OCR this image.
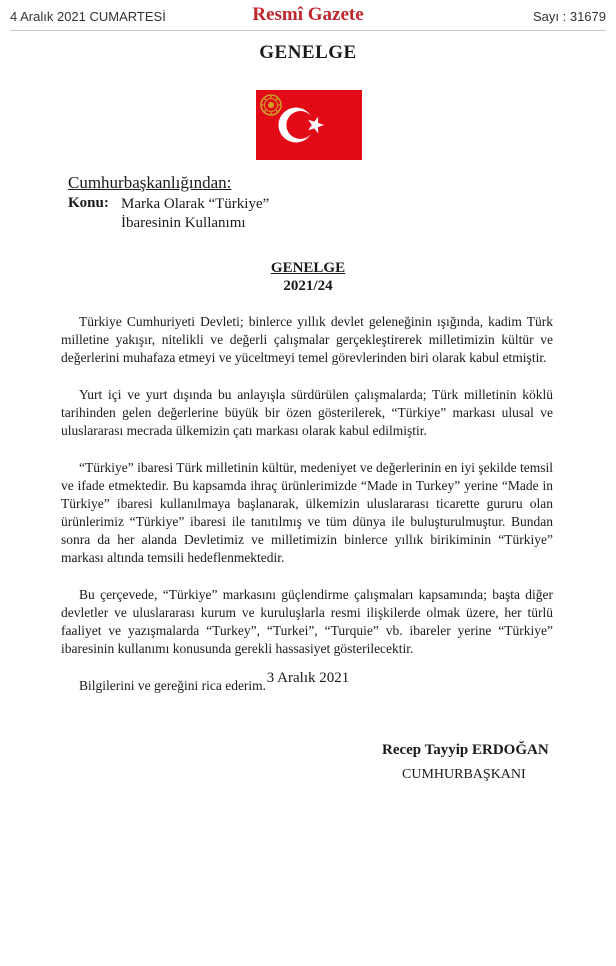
4 Aralık 2021 CUMARTESİ	Resmî Gazete	Sayı : 31679
GENELGE
Cumhurbaşkanlığından:
Konu: Marka Olarak “Türkiye”
İbaresinin Kullanımı
GENELGE
2021/24

Türkiye Cumhuriyeti Devleti; binlerce yıllık devlet geleneğinin ışığında, kadim Türk milletine yakışır, nitelikli ve değerli çalışmalar gerçekleştirerek milletimizin kültür ve değerlerini muhafaza etmeyi ve yüceltmeyi temel görevlerinden biri olarak kabul etmiştir.

Yurt içi ve yurt dışında bu anlayışla sürdürülen çalışmalarda; Türk milletinin köklü tarihinden gelen değerlerine büyük bir özen gösterilerek, “Türkiye” markası ulusal ve uluslararası mecrada ülkemizin çatı markası olarak kabul edilmiştir.

“Türkiye” ibaresi Türk milletinin kültür, medeniyet ve değerlerinin en iyi şekilde temsil ve ifade etmektedir. Bu kapsamda ihraç ürünlerimizde “Made in Turkey” yerine “Made in Türkiye” ibaresi kullanılmaya başlanarak, ülkemizin uluslararası ticarette gururu olan ürünlerimiz “Türkiye” ibaresi ile tanıtılmış ve tüm dünya ile buluşturulmuştur. Bundan sonra da her alanda Devletimiz ve milletimizin binlerce yıllık birikiminin “Türkiye” markası altında temsili hedeflenmektedir.

Bu çerçevede, “Türkiye” markasını güçlendirme çalışmaları kapsamında; başta diğer devletler ve uluslararası kurum ve kuruluşlarla resmi ilişkilerde olmak üzere, her türlü faaliyet ve yazışmalarda “Turkey”, “Turkei”, “Turquie” vb. ibareler yerine “Türkiye” ibaresinin kullanımı konusunda gerekli hassasiyet gösterilecektir.

Bilgilerini ve gereğini rica ederim. 3 Aralık 2021
Recep Tayyip ERDOĞAN
CUMHURBAŞKANI
